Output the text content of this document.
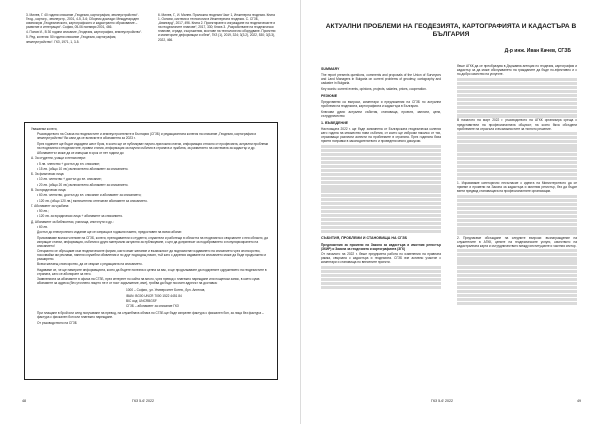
3. Милев, Г. 40 години списание „Геодезия, картография, землеустройство“. Геод., картогр., землеустр., 2001, 4-5, 3-6; Сборник доклади: Международен симпозиум „Геодезическото, картографското и кадастрално образование – развитие и интеграция“. София, 05-06 ноември 2001, 466.

4. Попов И., В 30 години списание „Геодезия, картография, землеустройство“.

5. Ред. колегия: 50 години списание „Геодезия, картография, землеустройство“. ГКЗ, 1971, 1, 3-5.

6. Милев, Г., И. Милев. Приложна геодезия Част 1, Инженерна геодезия. Книга 1. Основи, системи и технологии в Инженерната геодезия. С. СГЗБ, „Авангард“, 2017, 496. Книга 2. Проектиране и изграждане на геодезическите и на геодезичните планове“, 2017, 330; Книга 3. „Разработване на геодезически планове, сгради, съоръжения, мостове на технологично оборудване. Проектни и мониторинг деформации и обем“, ГКЗ (1), 2019, 324; 3(3.2), 2022, 530; 3(3.3), 2022, 466.

Уважаеми колеги,

Ръководството на Съюза на геодезистите и землеустроителите в България (СГЗБ) и редакционната колегия на списание „Геодезия, картография и землеустройство“ Ви кани да се включите в абонамента за 2023 г.

През годините ще бъдат издадени шест броя, в които ще се публикуват научно-приложни статии, информация относно от професията, актуални проблеми на геодезията и геодезистите, правни статии, информация за научни събития в страната и чужбина, за развитието на системата за кадастър и др.

Абонаментът може да се извърши в срок от пет години до:

А. За студенти, учащи и пенсионери:

• 5 лв. членство + достъп до ел. списание;

• 15 лв. (общо 10 лв.) включително абонамент за списанието.

Б. За физически лица:

• 10 лв. членство + достъп до ел. списание;

• 20 лв. (общо 20 лв.) включително абонамент за списанието.

В. За юридически лица:

• 60 лв. членство, достъп до ел. списание и абонамент за списанието;

• 120 лв. (общо 120 лв.) включително отпечатан абонамент за списанието.

Г. Абонамент за чужбина:

• 50 лв.;

• 120 лв. за юридически лица + абонамент за списанието.

Д. Абонамент за библиотеки, училища, институти и др.:

• 60 лв.

Достъп до електронното издание ще се изпраща в годишни пакети, предоставен на всеки абонат.

Призоваваме всички членове на СГЗБ, колеги, преподаватели и студенти, служители и работещи в областта на геодезията и свързаните с нея области, да изпращат статии, информация, събития и други материали актуални за публикуване, с цел да допринесат за подобряването и популяризирането на списанието!

Специално се обръщаме към геодезическите фирми, които имат желание и възможност да подпомогнат издаването на списанието чрез спонсорство, посочвайки им реклами, панели служебни обявления и по друг подходящ начин, тъй като с дарения издаване на списанието може да бъде продължено и разширено.

Всеки желаещ спонсорство, да се свърже с редакцията на списанието.

Надяваме се, че ще намерите информацията, която да бъдете полезна и ценна за вас, и ще продължавате да подкрепяте сдружението на геодезистите в страната, като се абонирате за него.

Заявленията за абонамент в офиса на СГЗБ, през интернет по сайта на много, чрез превод с платежно нареждане или пощенски запис, в което сума абонамент за адреса (без уточнено лицето не е от пост задължение, име), трябва да бъде посочен адресът на доставка:

1000 – София, ,ул. Университет Ботев, ,бул. Ангелов,

IBAN: BG00 UNCR 7000 1522 4451 84

BIC код: UNCRBGSF

СГЗБ – абонамент за списание ГКЗ

При плащане в брой или след получаване на превод, на служебната облага по СГЗБ ще бъде изпратен фактура с фискален бон, за лица без фактура – фактура с фискален бон или платежно нареждане.

От ръководството на СГЗБ

48	ГКЗ 5-6’ 2022
АКТУАЛНИ ПРОБЛЕМИ НА ГЕОДЕЗИЯТА, КАРТОГРАФИЯТА И КАДАСТЪРА В БЪЛГАРИЯ
Д-р инж. Иван Качев, СГЗБ

SUMMARY

The report presents questions, comments and proposals of the Union of Surveyors and Land Managers in Bulgaria on current problems of geodesy, cartography and cadastre in Bulgaria.

Key words: current events, opinions, projects, salaries, prices, cooperation.

РЕЗЮМЕ

Представени са въпроси, коментари и предложения на СГЗБ по актуални проблеми на геодезията, картографията и кадастъра в България.

Ключови думи: актуални събития, становища, проекти, заплати, цени, сътрудничество

1. ВЪВЕДЕНИЕ

Настоящата 2022 г. ще бъде запомнена от Българската геодезическа колегия като година на множество нови събития, от които ще изброим няколко от тях, отразяващи различни аспекти на проблемите в страната. През годината бяха приети поправки в законодателството и проведени много дискусии.

СЪБИТИЯ, ПРОБЛЕМИ И СТАНОВИЩА НА СГЗБ

Предложения за промени на Закона за кадастъра и имотния регистър (ЗКИР) и Закона за геодезията и картографията (ЗГК)

От началото на 2022 г. беше предприета работа по изменения на правната рамка, свързана с кадастъра и геодезията. СГЗБ взе активно участие с коментари и становища по внесените проекти.

беше АГКК да се преобразува в Държавна агенция по геодезия, картография и кадастър за да може обслужването на гражданите да бъде по-ефективно и с по-добро качество на услугите.

В началото на март 2022 г. ръководството на АГКК организира среща с представители на професионалната общност, на която бяха обсъдени проблемите на отрасъла и възможностите за тяхното решение.

1. Изразяваме категорично несъгласие с идеята на Министерството да се приеме и промени на Закона за кадастъра и имотния регистър, без да бъдат взети предвид становищата на професионалните организации.

2. Предлагаме обсъждане на следните въпроси: възнаграждение на служителите в АГКК, цените на геодезическите услуги, качеството на кадастралната карта и сътрудничеството между институциите и частния сектор.

ГКЗ 5-6’ 2022	49
